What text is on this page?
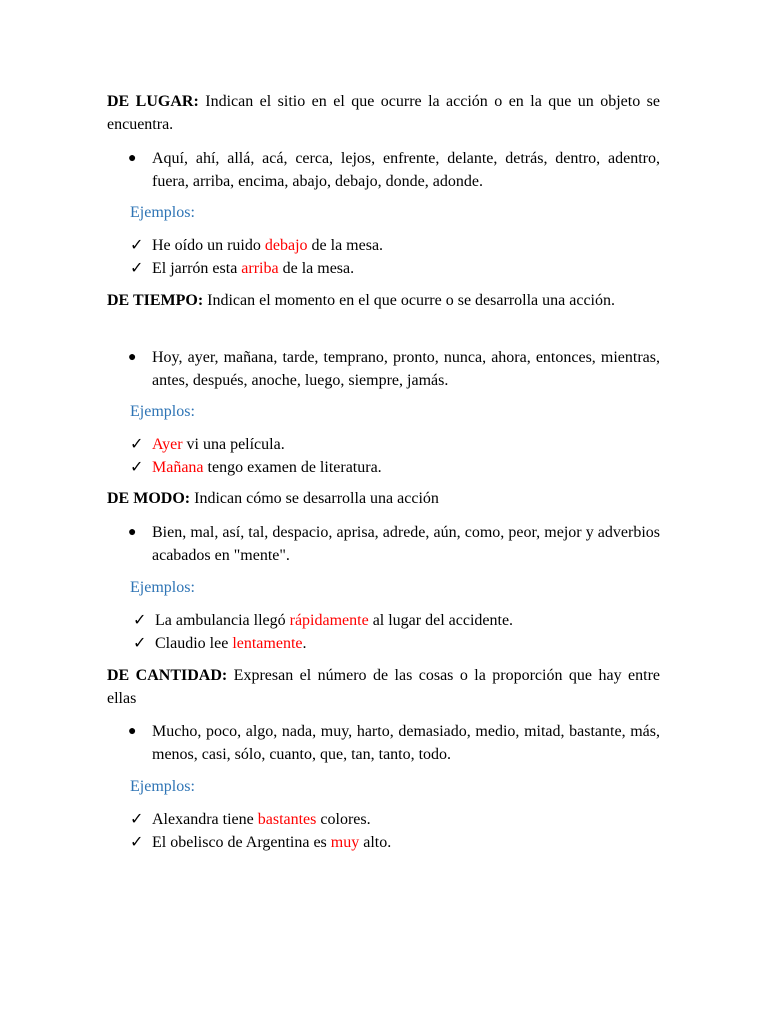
DE LUGAR: Indican el sitio en el que ocurre la acción o en la que un objeto se encuentra.
● Aquí, ahí, allá, acá, cerca, lejos, enfrente, delante, detrás, dentro, adentro, fuera, arriba, encima, abajo, debajo, donde, adonde.
Ejemplos:
✓ He oído un ruido debajo de la mesa.
✓ El jarrón esta arriba de la mesa.
DE TIEMPO: Indican el momento en el que ocurre o se desarrolla una acción.
● Hoy, ayer, mañana, tarde, temprano, pronto, nunca, ahora, entonces, mientras, antes, después, anoche, luego, siempre, jamás.
Ejemplos:
✓ Ayer vi una película.
✓ Mañana tengo examen de literatura.
DE MODO: Indican cómo se desarrolla una acción
● Bien, mal, así, tal, despacio, aprisa, adrede, aún, como, peor, mejor y adverbios acabados en "mente".
Ejemplos:
✓ La ambulancia llegó rápidamente al lugar del accidente.
✓ Claudio lee lentamente.
DE CANTIDAD: Expresan el número de las cosas o la proporción que hay entre ellas
● Mucho, poco, algo, nada, muy, harto, demasiado, medio, mitad, bastante, más, menos, casi, sólo, cuanto, que, tan, tanto, todo.
Ejemplos:
✓ Alexandra tiene bastantes colores.
✓ El obelisco de Argentina es muy alto.
